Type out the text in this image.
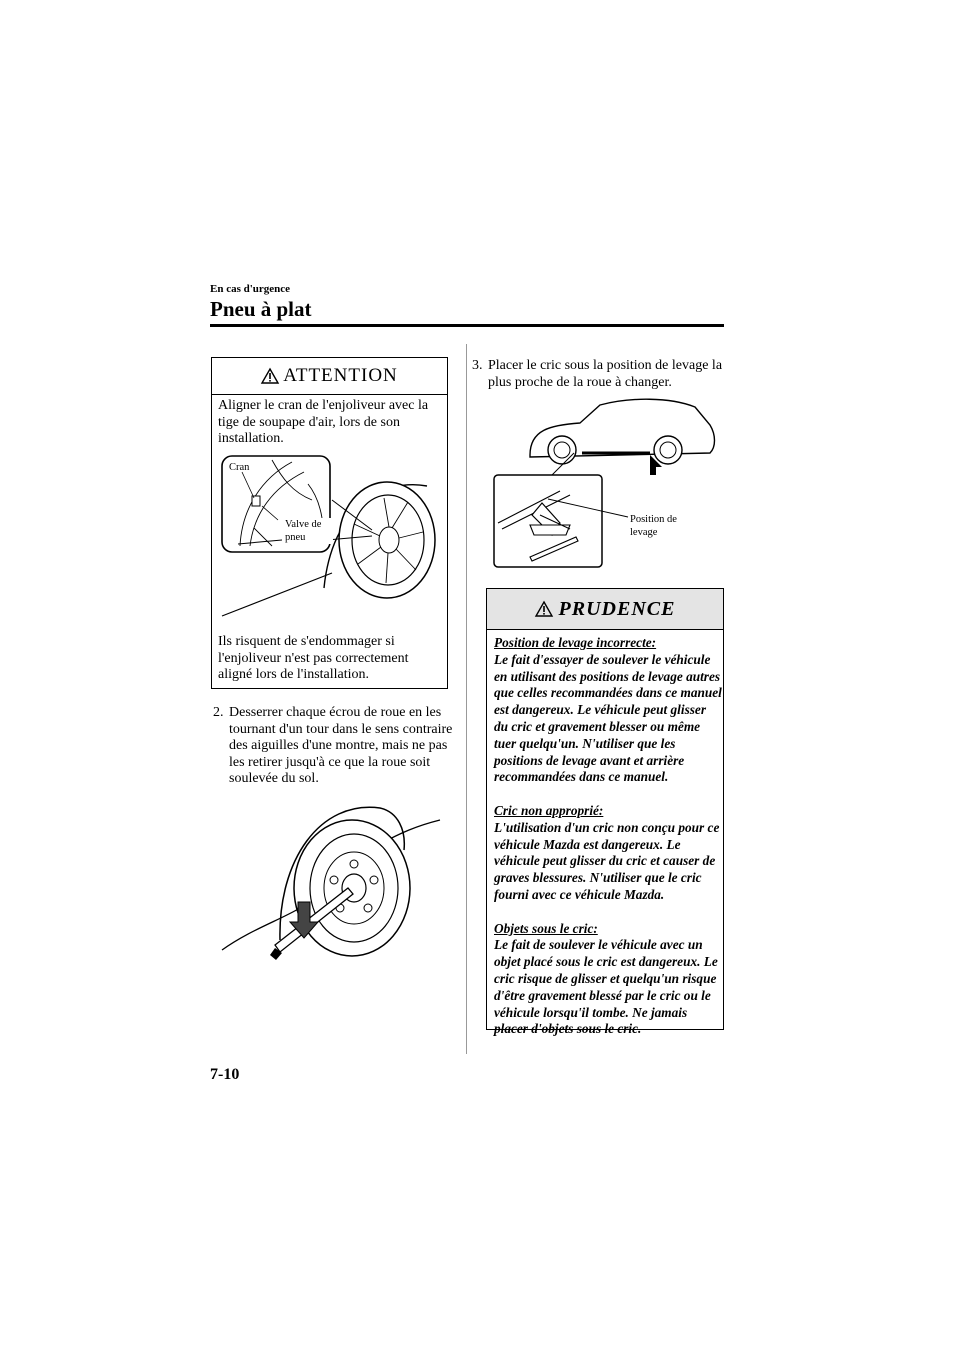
En cas d'urgence
Pneu à plat
ATTENTION
Aligner le cran de l'enjoliveur avec la tige de soupape d'air, lors de son installation.
Cran
Valve de pneu
Ils risquent de s'endommager si l'enjoliveur n'est pas correctement aligné lors de l'installation.
2. Desserrer chaque écrou de roue en les tournant d'un tour dans le sens contraire des aiguilles d'une montre, mais ne pas les retirer jusqu'à ce que la roue soit soulevée du sol.
3. Placer le cric sous la position de levage la plus proche de la roue à changer.
Position de levage
PRUDENCE

Position de levage incorrecte:
Le fait d'essayer de soulever le véhicule en utilisant des positions de levage autres que celles recommandées dans ce manuel est dangereux. Le véhicule peut glisser du cric et gravement blesser ou même tuer quelqu'un. N'utiliser que les positions de levage avant et arrière recommandées dans ce manuel.

Cric non approprié:
L'utilisation d'un cric non conçu pour ce véhicule Mazda est dangereux. Le véhicule peut glisser du cric et causer de graves blessures. N'utiliser que le cric fourni avec ce véhicule Mazda.

Objets sous le cric:
Le fait de soulever le véhicule avec un objet placé sous le cric est dangereux. Le cric risque de glisser et quelqu'un risque d'être gravement blessé par le cric ou le véhicule lorsqu'il tombe. Ne jamais placer d'objets sous le cric.

7-10
